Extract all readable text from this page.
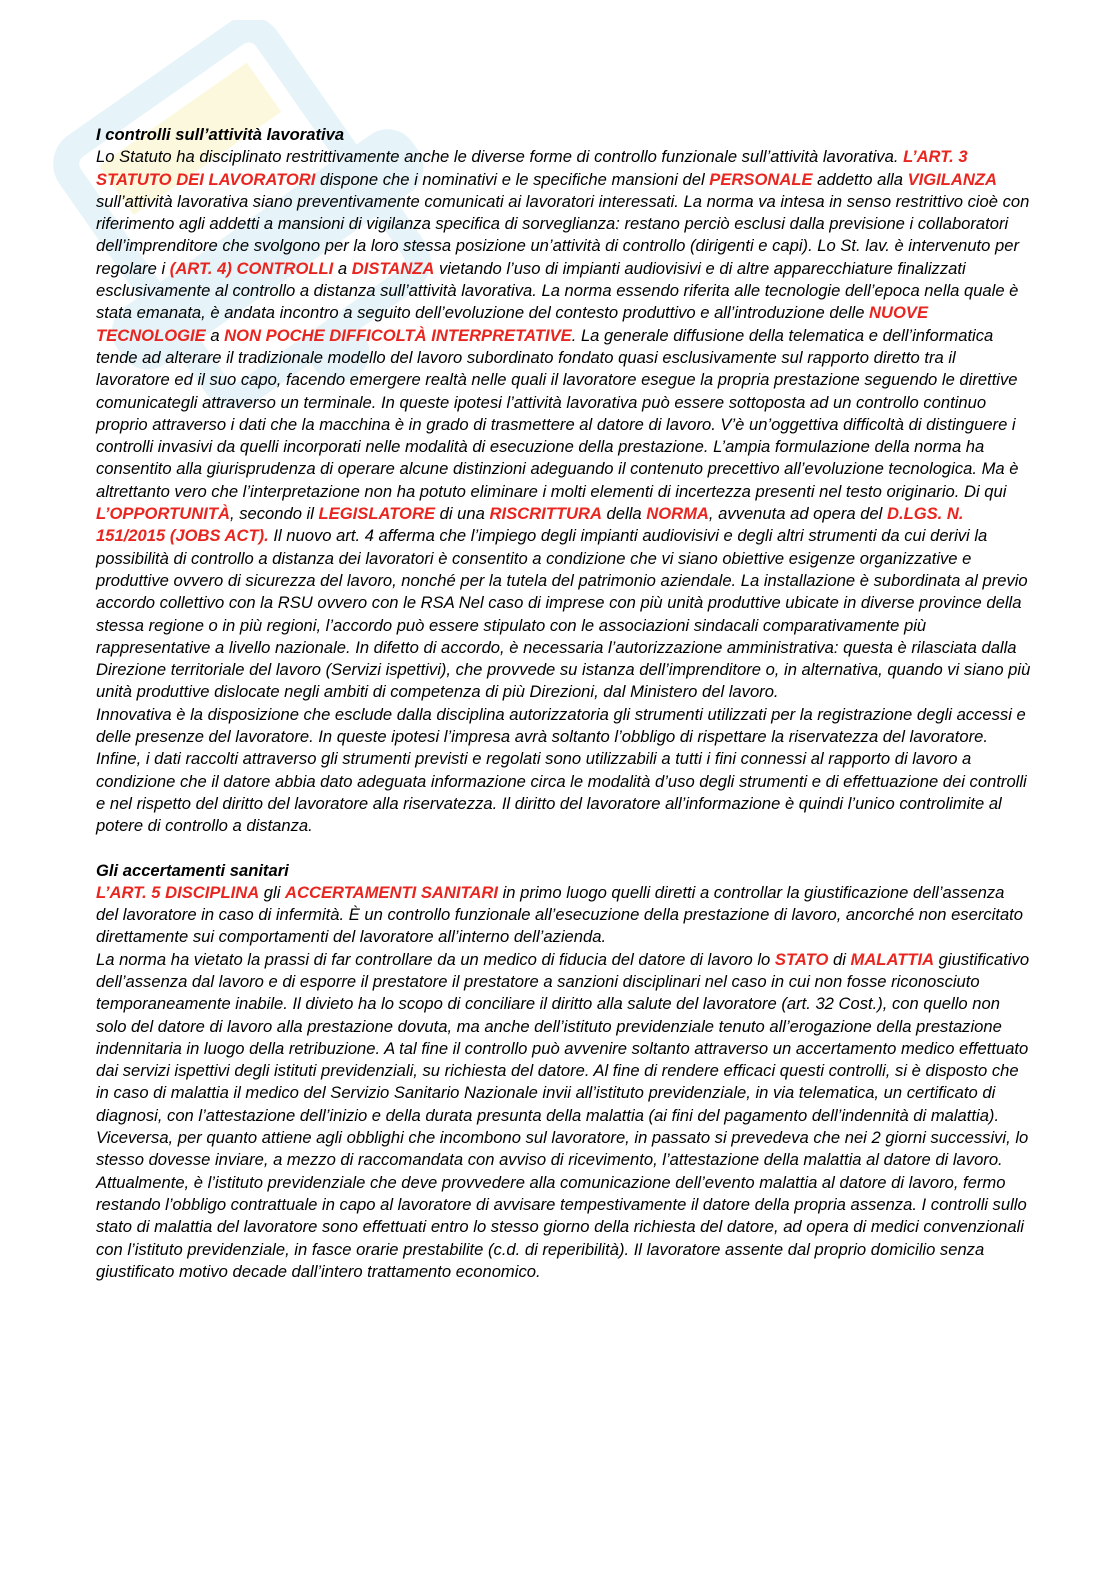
I controlli sull’attività lavorativa

Lo Statuto ha disciplinato restrittivamente anche le diverse forme di controllo funzionale sull’attività lavorativa. L’ART. 3 STATUTO DEI LAVORATORI dispone che i nominativi e le specifiche mansioni del PERSONALE addetto alla VIGILANZA sull’attività lavorativa siano preventivamente comunicati ai lavoratori interessati. La norma va intesa in senso restrittivo cioè con riferimento agli addetti a mansioni di vigilanza specifica di sorveglianza: restano perciò esclusi dalla previsione i collaboratori dell’imprenditore che svolgono per la loro stessa posizione un’attività di controllo (dirigenti e capi). Lo St. lav. è intervenuto per regolare i (ART. 4) CONTROLLI a DISTANZA vietando l’uso di impianti audiovisivi e di altre apparecchiature finalizzati esclusivamente al controllo a distanza sull’attività lavorativa. La norma essendo riferita alle tecnologie dell’epoca nella quale è stata emanata, è andata incontro a seguito dell’evoluzione del contesto produttivo e all’introduzione delle NUOVE TECNOLOGIE a NON POCHE DIFFICOLTÀ INTERPRETATIVE. La generale diffusione della telematica e dell’informatica tende ad alterare il tradizionale modello del lavoro subordinato fondato quasi esclusivamente sul rapporto diretto tra il lavoratore ed il suo capo, facendo emergere realtà nelle quali il lavoratore esegue la propria prestazione seguendo le direttive comunicategli attraverso un terminale. In queste ipotesi l’attività lavorativa può essere sottoposta ad un controllo continuo proprio attraverso i dati che la macchina è in grado di trasmettere al datore di lavoro. V’è un’oggettiva difficoltà di distinguere i controlli invasivi da quelli incorporati nelle modalità di esecuzione della prestazione. L’ampia formulazione della norma ha consentito alla giurisprudenza di operare alcune distinzioni adeguando il contenuto precettivo all’evoluzione tecnologica. Ma è altrettanto vero che l’interpretazione non ha potuto eliminare i molti elementi di incertezza presenti nel testo originario. Di qui L’OPPORTUNITÀ, secondo il LEGISLATORE di una RISCRITTURA della NORMA, avvenuta ad opera del D.LGS. N. 151/2015 (JOBS ACT). Il nuovo art. 4 afferma che l’impiego degli impianti audiovisivi e degli altri strumenti da cui derivi la possibilità di controllo a distanza dei lavoratori è consentito a condizione che vi siano obiettive esigenze organizzative e produttive ovvero di sicurezza del lavoro, nonché per la tutela del patrimonio aziendale. La installazione è subordinata al previo accordo collettivo con la RSU ovvero con le RSA Nel caso di imprese con più unità produttive ubicate in diverse province della stessa regione o in più regioni, l’accordo può essere stipulato con le associazioni sindacali comparativamente più rappresentative a livello nazionale. In difetto di accordo, è necessaria l’autorizzazione amministrativa: questa è rilasciata dalla Direzione territoriale del lavoro (Servizi ispettivi), che provvede su istanza dell’imprenditore o, in alternativa, quando vi siano più unità produttive dislocate negli ambiti di competenza di più Direzioni, dal Ministero del lavoro.

Innovativa è la disposizione che esclude dalla disciplina autorizzatoria gli strumenti utilizzati per la registrazione degli accessi e delle presenze del lavoratore. In queste ipotesi l’impresa avrà soltanto l’obbligo di rispettare la riservatezza del lavoratore. Infine, i dati raccolti attraverso gli strumenti previsti e regolati sono utilizzabili a tutti i fini connessi al rapporto di lavoro a condizione che il datore abbia dato adeguata informazione circa le modalità d’uso degli strumenti e di effettuazione dei controlli e nel rispetto del diritto del lavoratore alla riservatezza. Il diritto del lavoratore all’informazione è quindi l’unico controlimite al potere di controllo a distanza.

Gli accertamenti sanitari

L’ART. 5 DISCIPLINA gli ACCERTAMENTI SANITARI in primo luogo quelli diretti a controllar la giustificazione dell’assenza del lavoratore in caso di infermità. È un controllo funzionale all’esecuzione della prestazione di lavoro, ancorché non esercitato direttamente sui comportamenti del lavoratore all’interno dell’azienda.

La norma ha vietato la prassi di far controllare da un medico di fiducia del datore di lavoro lo STATO di MALATTIA giustificativo dell’assenza dal lavoro e di esporre il prestatore il prestatore a sanzioni disciplinari nel caso in cui non fosse riconosciuto temporaneamente inabile. Il divieto ha lo scopo di conciliare il diritto alla salute del lavoratore (art. 32 Cost.), con quello non solo del datore di lavoro alla prestazione dovuta, ma anche dell’istituto previdenziale tenuto all’erogazione della prestazione indennitaria in luogo della retribuzione. A tal fine il controllo può avvenire soltanto attraverso un accertamento medico effettuato dai servizi ispettivi degli istituti previdenziali, su richiesta del datore. Al fine di rendere efficaci questi controlli, si è disposto che in caso di malattia il medico del Servizio Sanitario Nazionale invii all’istituto previdenziale, in via telematica, un certificato di diagnosi, con l’attestazione dell’inizio e della durata presunta della malattia (ai fini del pagamento dell’indennità di malattia). Viceversa, per quanto attiene agli obblighi che incombono sul lavoratore, in passato si prevedeva che nei 2 giorni successivi, lo stesso dovesse inviare, a mezzo di raccomandata con avviso di ricevimento, l’attestazione della malattia al datore di lavoro. Attualmente, è l’istituto previdenziale che deve provvedere alla comunicazione dell’evento malattia al datore di lavoro, fermo restando l’obbligo contrattuale in capo al lavoratore di avvisare tempestivamente il datore della propria assenza. I controlli sullo stato di malattia del lavoratore sono effettuati entro lo stesso giorno della richiesta del datore, ad opera di medici convenzionali con l’istituto previdenziale, in fasce orarie prestabilite (c.d. di reperibilità). Il lavoratore assente dal proprio domicilio senza giustificato motivo decade dall’intero trattamento economico.
